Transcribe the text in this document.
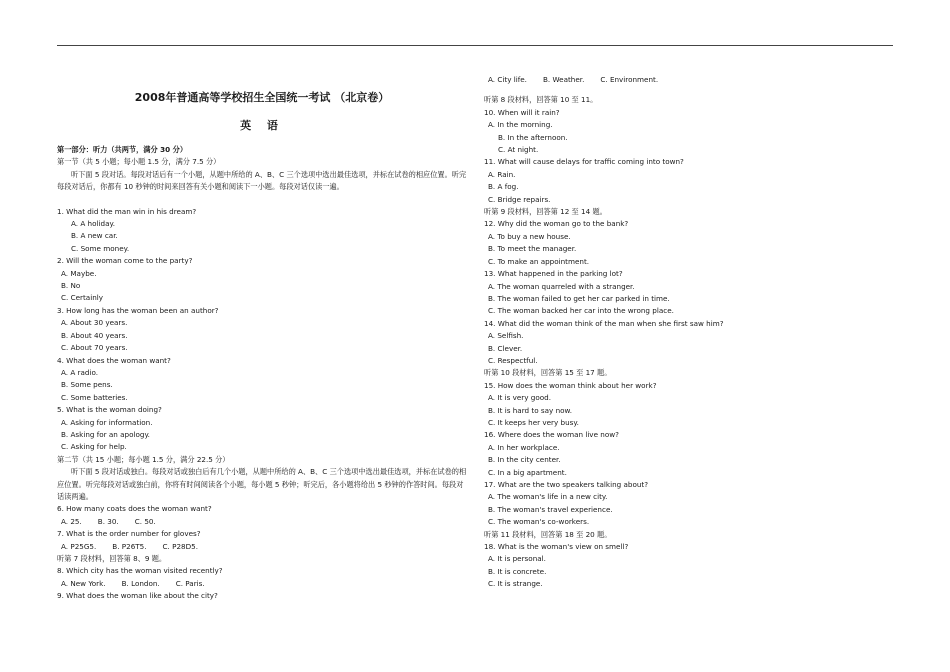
2008年普通高等学校招生全国统一考试 （北京卷）
英 语
第一部分：听力（共两节，满分 30 分）
第一节（共 5 小题；每小题 1.5 分，满分 7.5 分）
听下面 5 段对话。每段对话后有一个小题，从题中所给的 A、B、C 三个选项中选出最佳选项，并标在试卷的相应位置。听完每段对话后，你都有 10 秒钟的时间来回答有关小题和阅读下一小题。每段对话仅读一遍。
1. What did the man win in his dream?
A. A holiday.
B. A new car.
C. Some money.
2. Will the woman come to the party?
A. Maybe.
B. No
C. Certainly
3. How long has the woman been an author?
A. About 30 years.
B. About 40 years.
C. About 70 years.
4. What does the woman want?
A. A radio.
B. Some pens.
C. Some batteries.
5. What is the woman doing?
A. Asking for information.
B. Asking for an apology.
C. Asking for help.
第二节（共 15 小题；每小题 1.5 分，满分 22.5 分）
听下面 5 段对话或独白。每段对话或独白后有几个小题，从题中所给的 A、B、C 三个选项中选出最佳选项，并标在试卷的相应位置。听完每段对话或独白前，你将有时间阅读各个小题，每小题 5 秒钟；听完后，各小题将给出 5 秒钟的作答时间。每段对话读两遍。
6. How many coats does the woman want?
A. 25. B. 30. C. 50.
7. What is the order number for gloves?
A. P25G5. B. P26T5. C. P28D5.
听第 7 段材料，回答第 8、9 题。
8. Which city has the woman visited recently?
A. New York. B. London. C. Paris.
9. What does the woman like about the city?
A. City life. B. Weather. C. Environment.
听第 8 段材料，回答第 10 至 11。
10. When will it rain?
A. In the morning.
B. In the afternoon.
C. At night.
11. What will cause delays for traffic coming into town?
A. Rain.
B. A fog.
C. Bridge repairs.
听第 9 段材料，回答第 12 至 14 题。
12. Why did the woman go to the bank?
A. To buy a new house.
B. To meet the manager.
C. To make an appointment.
13. What happened in the parking lot?
A. The woman quarreled with a stranger.
B. The woman failed to get her car parked in time.
C. The woman backed her car into the wrong place.
14. What did the woman think of the man when she first saw him?
A. Selfish.
B. Clever.
C. Respectful.
听第 10 段材料，回答第 15 至 17 题。
15. How does the woman think about her work?
A. It is very good.
B. It is hard to say now.
C. It keeps her very busy.
16. Where does the woman live now?
A. In her workplace.
B. In the city center.
C. In a big apartment.
17. What are the two speakers talking about?
A. The woman's life in a new city.
B. The woman's travel experience.
C. The woman's co-workers.
听第 11 段材料，回答第 18 至 20 题。
18. What is the woman's view on smell?
A. It is personal.
B. It is concrete.
C. It is strange.
